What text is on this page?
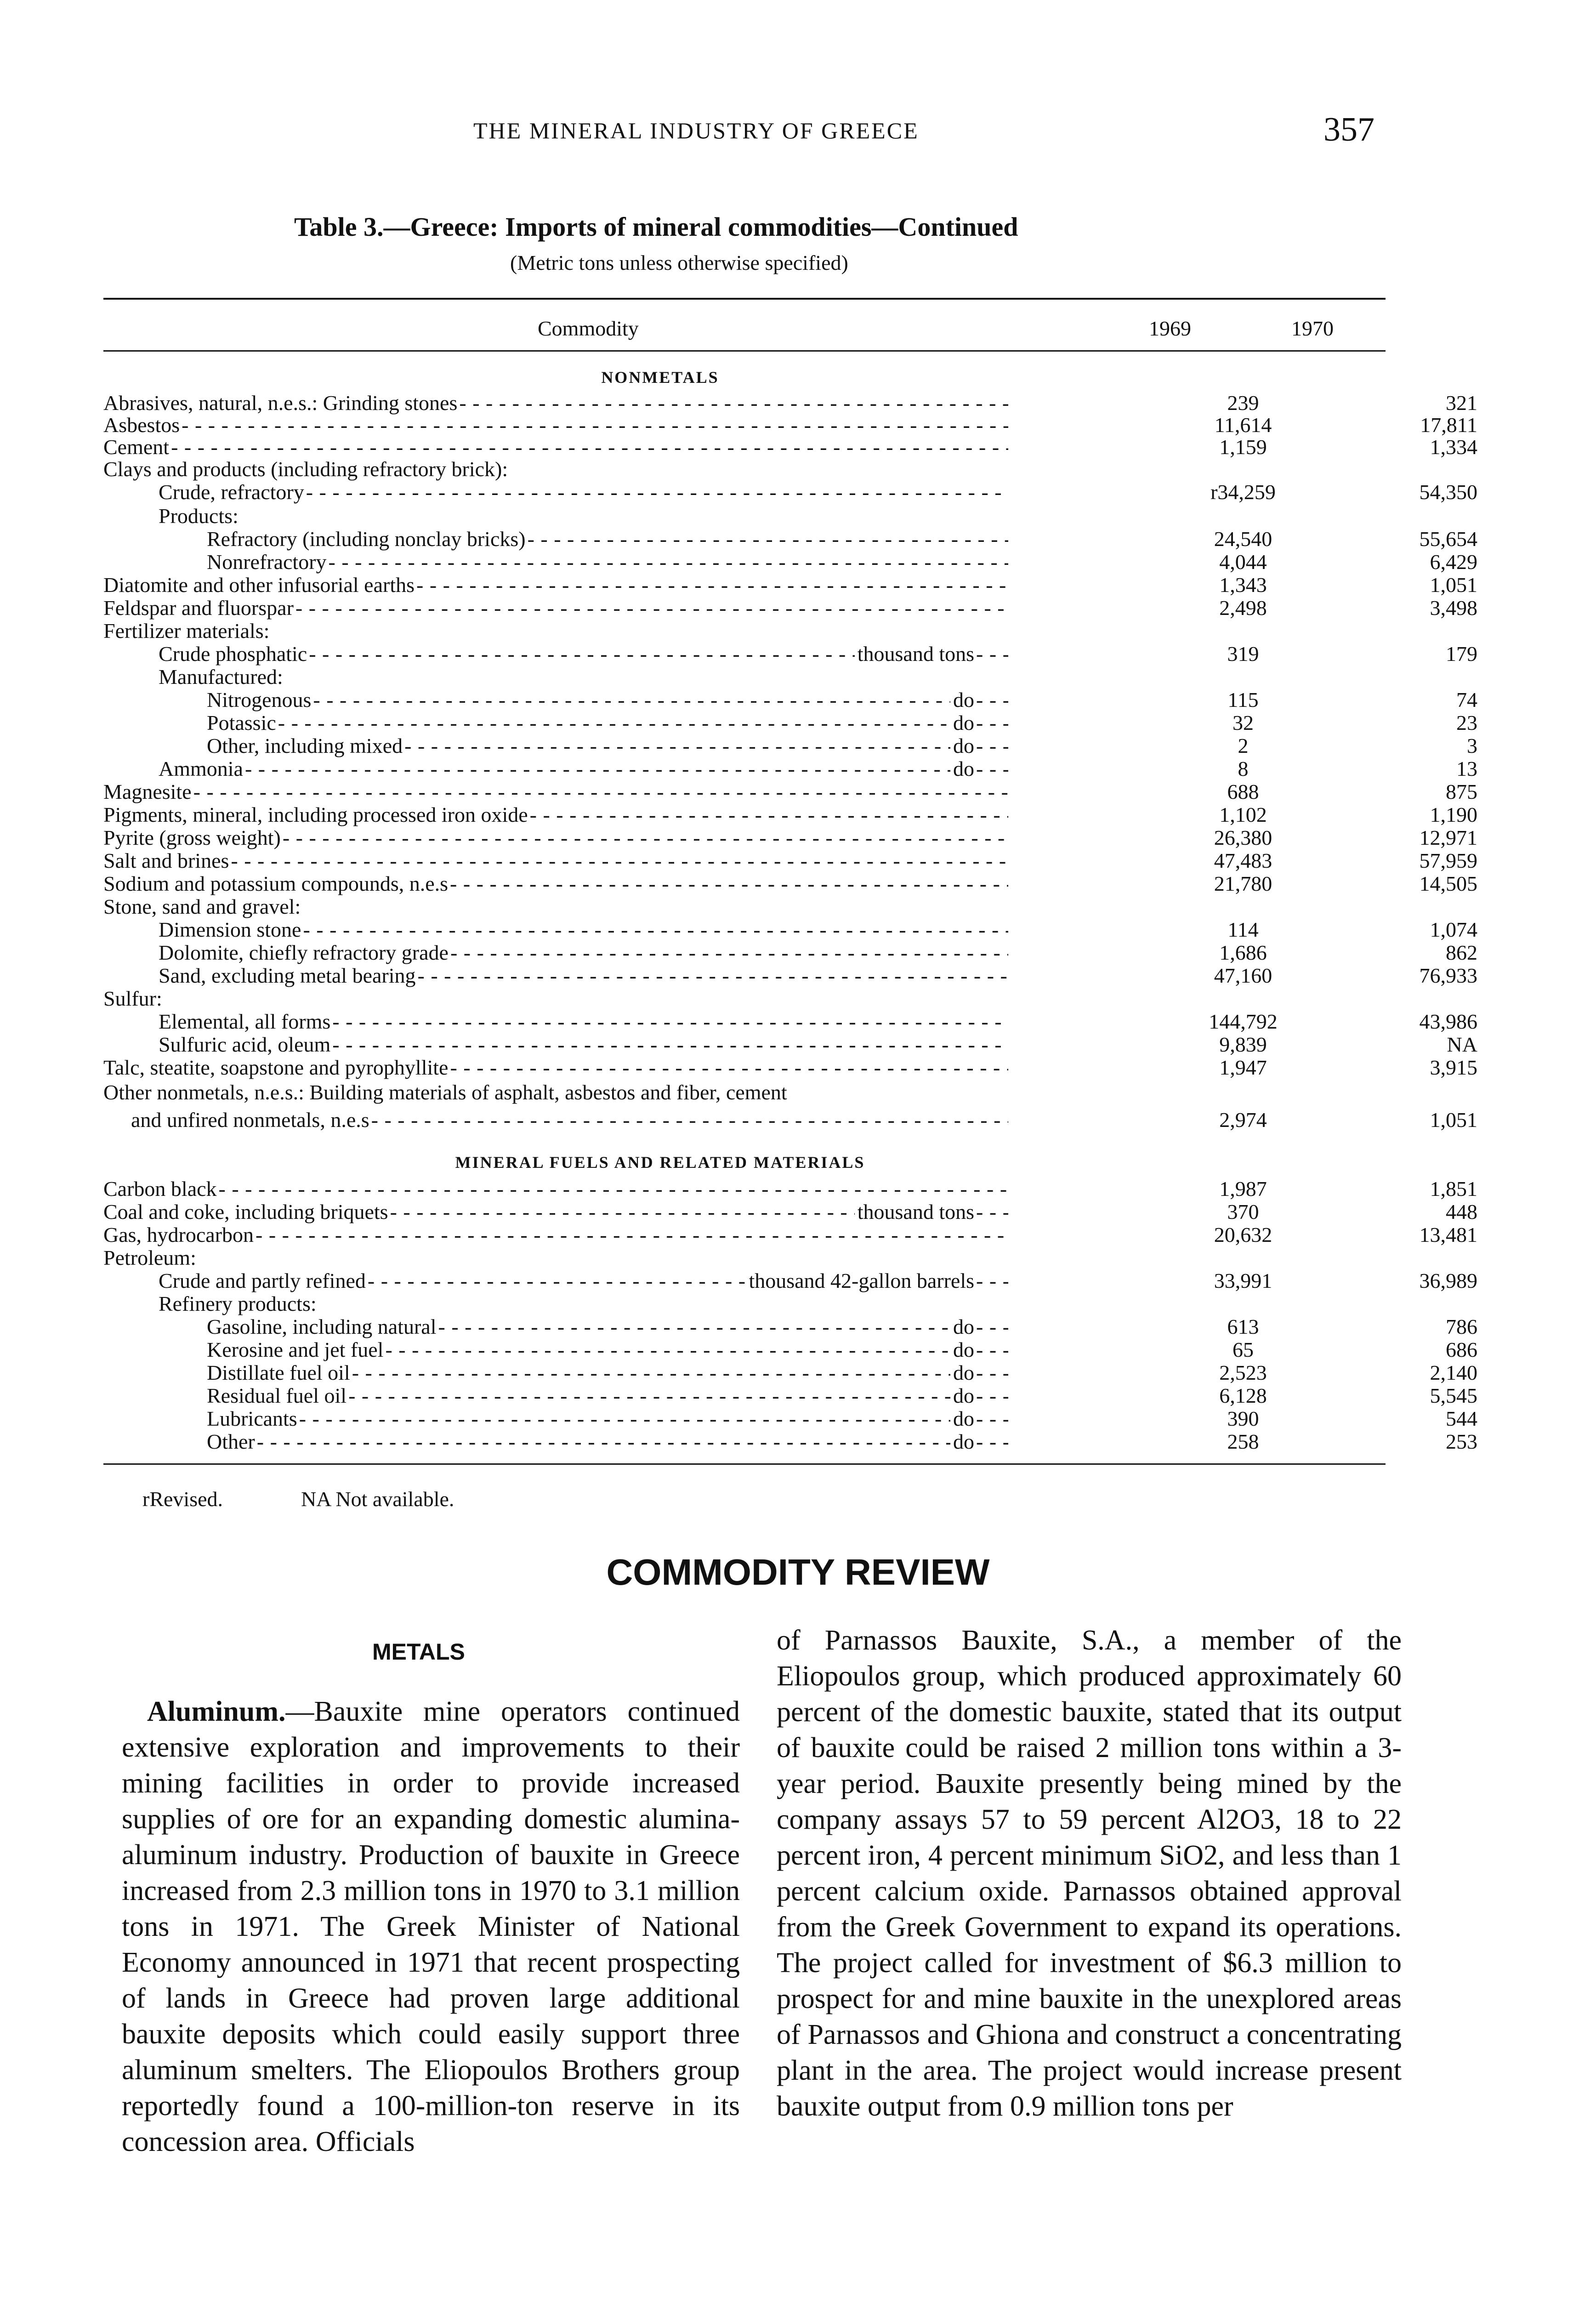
THE MINERAL INDUSTRY OF GREECE	357
Table 3.—Greece: Imports of mineral commodities—Continued
(Metric tons unless otherwise specified)
Commodity	1969	1970
NONMETALS
Abrasives, natural, n.e.s.: Grinding stones - - -	239	321
Asbestos - - -	11,614	17,811
Cement - - -	1,159	1,334
Clays and products (including refractory brick):
Crude, refractory - - -	r34,259	54,350
Products:
Refractory (including nonclay bricks) - - -	24,540	55,654
Nonrefractory - - -	4,044	6,429
Diatomite and other infusorial earths - - -	1,343	1,051
Feldspar and fluorspar - - -	2,498	3,498
Fertilizer materials:
Crude phosphatic - - -	thousand tons - - -	319	179
Manufactured:
Nitrogenous - - -	do - - -	115	74
Potassic - - -	do - - -	32	23
Other, including mixed - - -	do - - -	2	3
Ammonia - - -	do - - -	8	13
Magnesite - - -	688	875
Pigments, mineral, including processed iron oxide - - -	1,102	1,190
Pyrite (gross weight) - - -	26,380	12,971
Salt and brines - - -	47,483	57,959
Sodium and potassium compounds, n.e.s - - -	21,780	14,505
Stone, sand and gravel:
Dimension stone - - -	114	1,074
Dolomite, chiefly refractory grade - - -	1,686	862
Sand, excluding metal bearing - - -	47,160	76,933
Sulfur:
Elemental, all forms - - -	144,792	43,986
Sulfuric acid, oleum - - -	9,839	NA
Talc, steatite, soapstone and pyrophyllite - - -	1,947	3,915
Other nonmetals, n.e.s.: Building materials of asphalt, asbestos and fiber, cement
and unfired nonmetals, n.e.s - - -	2,974	1,051
Carbon black - - -	1,987	1,851
Coal and coke, including briquets - - -	thousand tons - - -	370	448
Gas, hydrocarbon - - -	20,632	13,481
Petroleum:
Crude and partly refined - - -	thousand 42-gallon barrels - - -	33,991	36,989
Refinery products:
Gasoline, including natural - - -	do - - -	613	786
Kerosine and jet fuel - - -	do - - -	65	686
Distillate fuel oil - - -	do - - -	2,523	2,140
Residual fuel oil - - -	do - - -	6,128	5,545
Lubricants - - -	do - - -	390	544
Other - - -	do - - -	258	253
MINERAL FUELS AND RELATED MATERIALS
rRevised.	NA Not available.
COMMODITY REVIEW
METALS

Aluminum.—Bauxite mine operators continued extensive exploration and improvements to their mining facilities in order to provide increased supplies of ore for an expanding domestic alumina-aluminum industry. Production of bauxite in Greece increased from 2.3 million tons in 1970 to 3.1 million tons in 1971. The Greek Minister of National Economy announced in 1971 that recent prospecting of lands in Greece had proven large additional bauxite deposits which could easily support three aluminum smelters. The Eliopoulos Brothers group reportedly found a 100-million-ton reserve in its concession area. Officials

of Parnassos Bauxite, S.A., a member of the Eliopoulos group, which produced approximately 60 percent of the domestic bauxite, stated that its output of bauxite could be raised 2 million tons within a 3-year period. Bauxite presently being mined by the company assays 57 to 59 percent Al2O3, 18 to 22 percent iron, 4 percent minimum SiO2, and less than 1 percent calcium oxide. Parnassos obtained approval from the Greek Government to expand its operations. The project called for investment of $6.3 million to prospect for and mine bauxite in the unexplored areas of Parnassos and Ghiona and construct a concentrating plant in the area. The project would increase present bauxite output from 0.9 million tons per
